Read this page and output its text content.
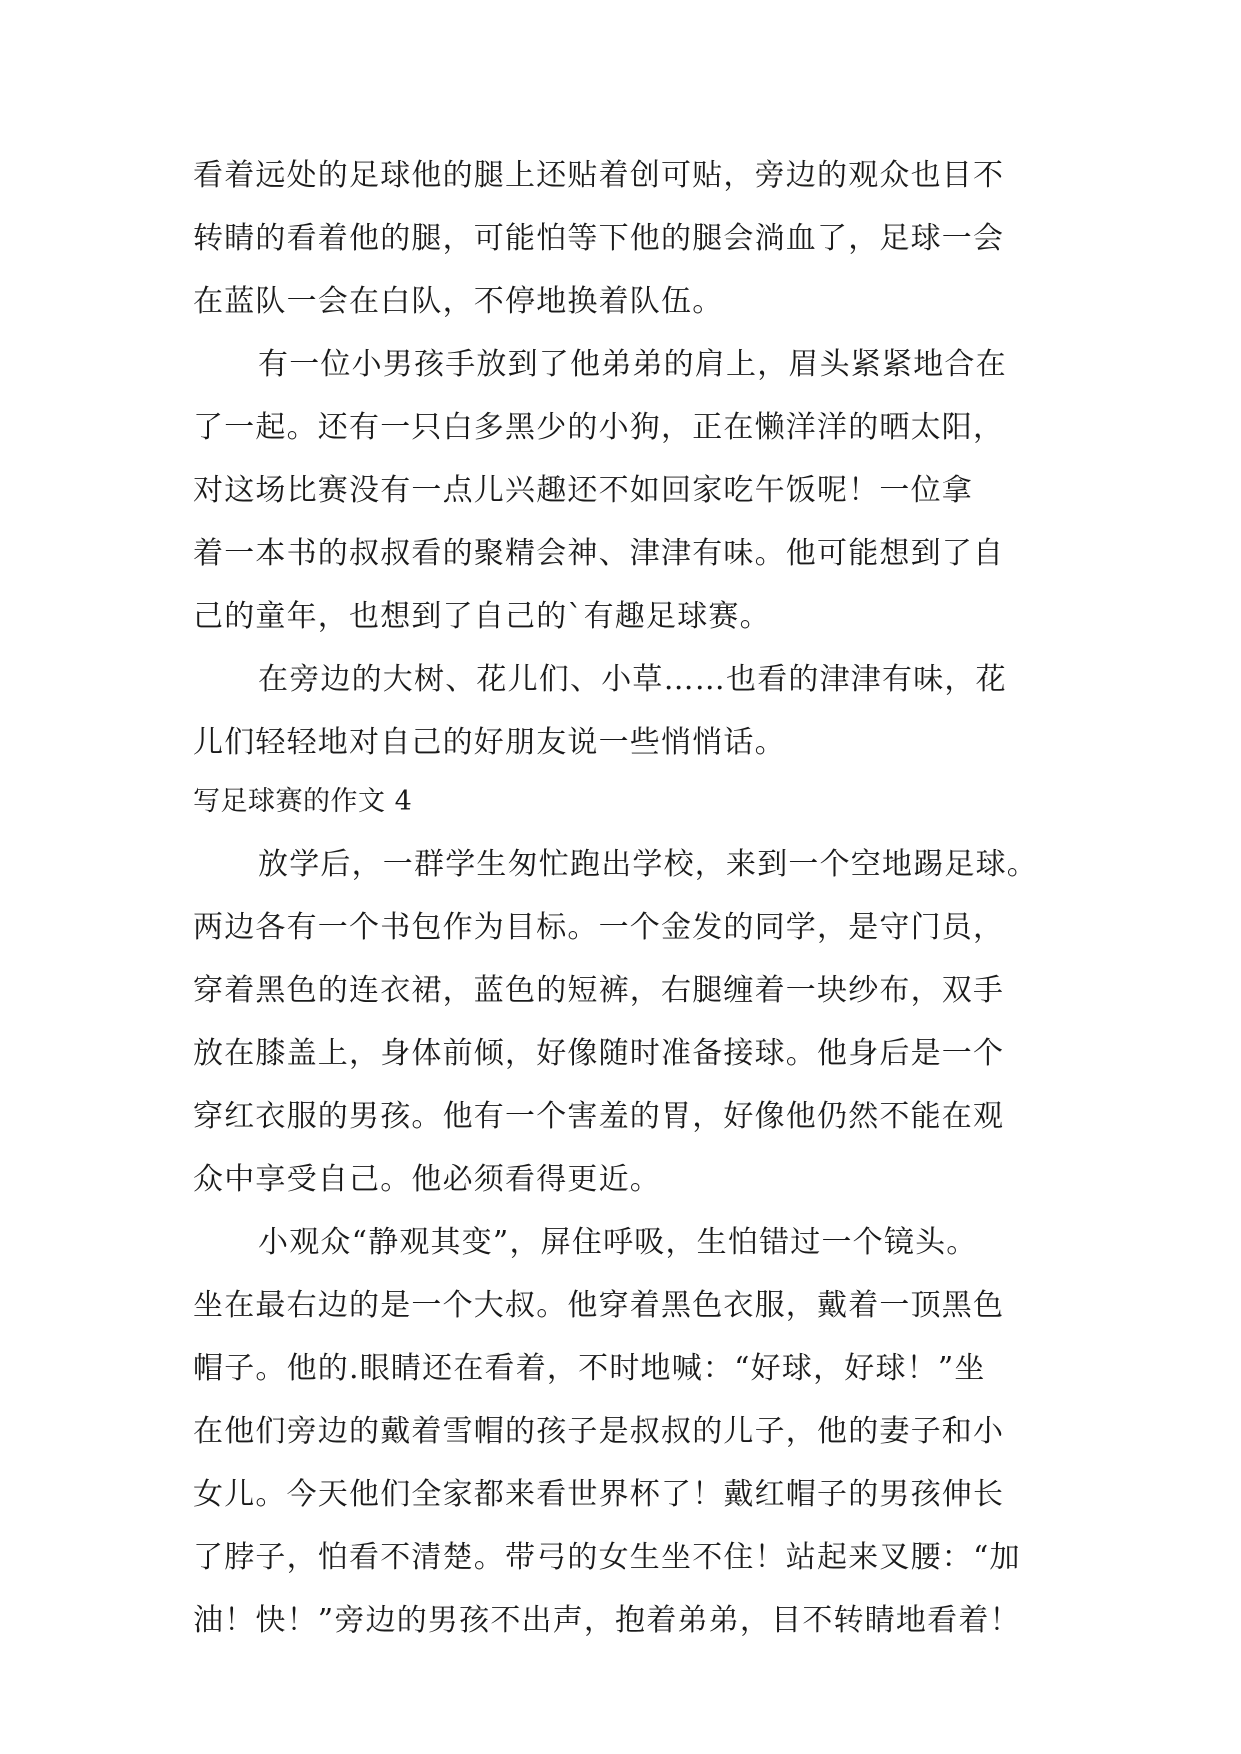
看着远处的足球他的腿上还贴着创可贴，旁边的观众也目不
转睛的看着他的腿，可能怕等下他的腿会淌血了，足球一会
在蓝队一会在白队，不停地换着队伍。
有一位小男孩手放到了他弟弟的肩上，眉头紧紧地合在
了一起。还有一只白多黑少的小狗，正在懒洋洋的晒太阳，
对这场比赛没有一点儿兴趣还不如回家吃午饭呢！一位拿
着一本书的叔叔看的聚精会神、津津有味。他可能想到了自
己的童年，也想到了自己的`有趣足球赛。
在旁边的大树、花儿们、小草……也看的津津有味，花
儿们轻轻地对自己的好朋友说一些悄悄话。
写足球赛的作文 4
放学后，一群学生匆忙跑出学校，来到一个空地踢足球。
两边各有一个书包作为目标。一个金发的同学，是守门员，
穿着黑色的连衣裙，蓝色的短裤，右腿缠着一块纱布，双手
放在膝盖上，身体前倾，好像随时准备接球。他身后是一个
穿红衣服的男孩。他有一个害羞的胃，好像他仍然不能在观
众中享受自己。他必须看得更近。
小观众“静观其变”，屏住呼吸，生怕错过一个镜头。
坐在最右边的是一个大叔。他穿着黑色衣服，戴着一顶黑色
帽子。他的.眼睛还在看着，不时地喊：“好球，好球！”坐
在他们旁边的戴着雪帽的孩子是叔叔的儿子，他的妻子和小
女儿。今天他们全家都来看世界杯了！戴红帽子的男孩伸长
了脖子，怕看不清楚。带弓的女生坐不住！站起来叉腰：“加
油！快！”旁边的男孩不出声，抱着弟弟，目不转睛地看着！
